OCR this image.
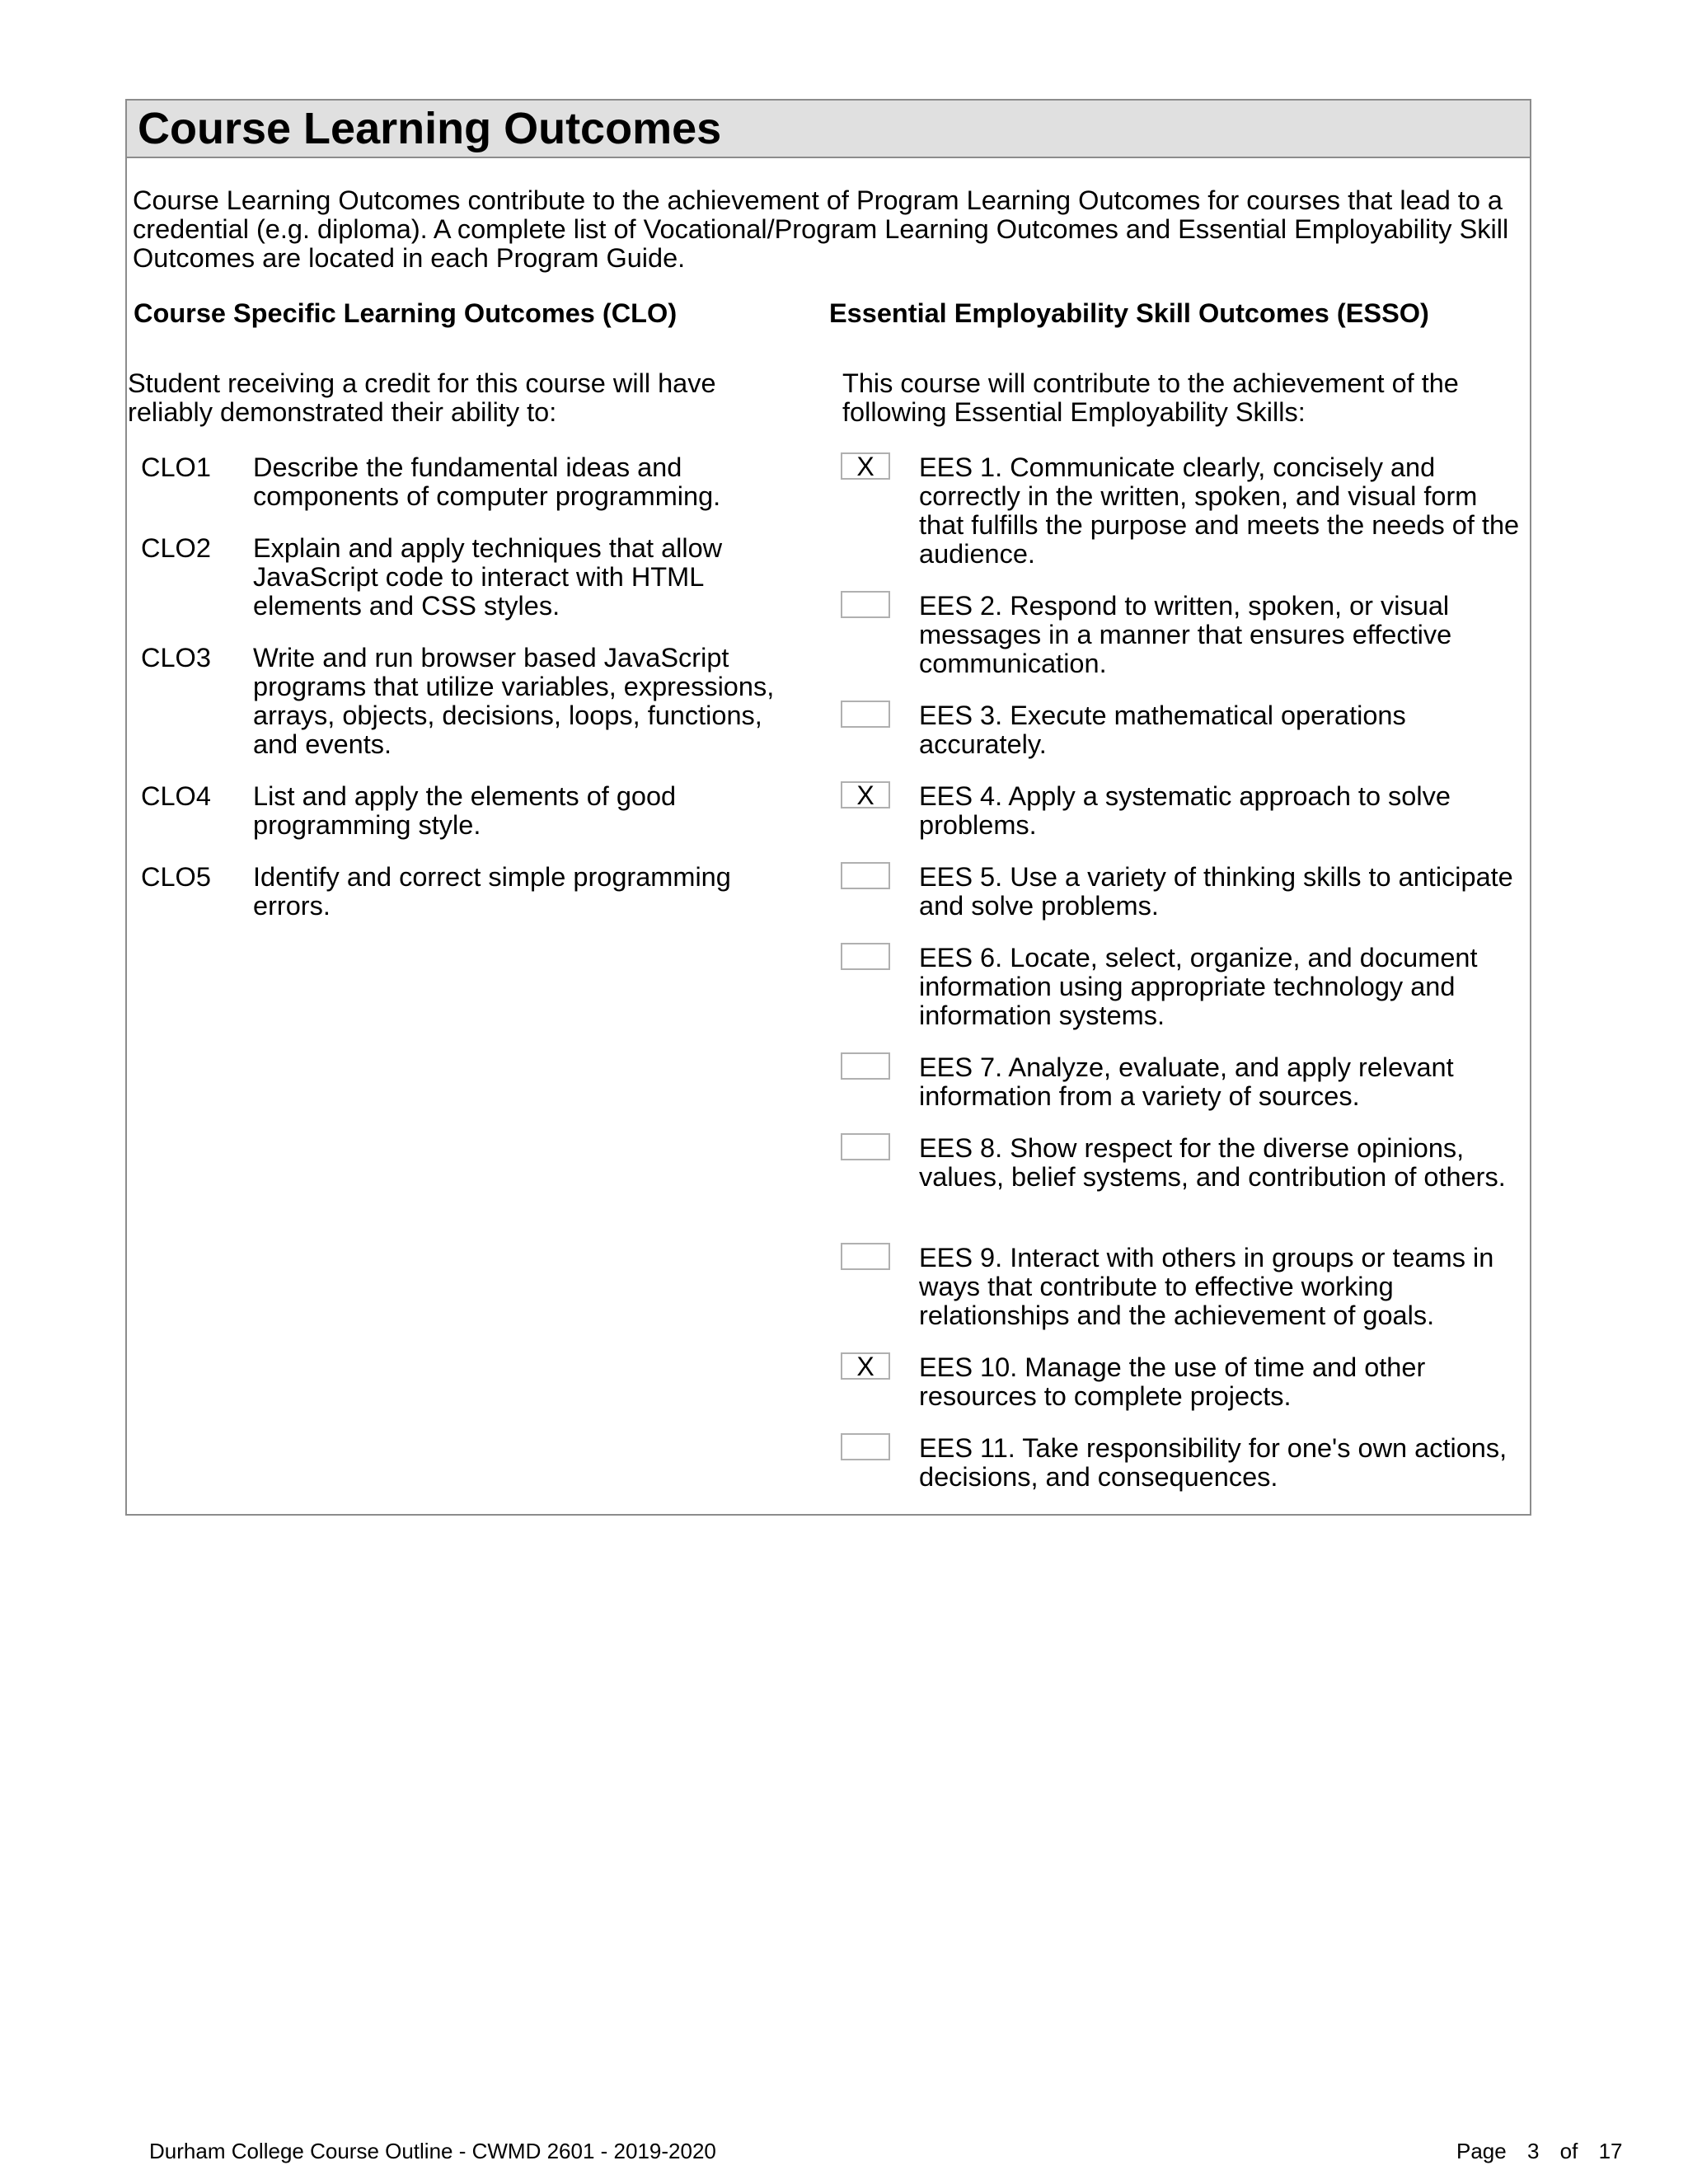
Course Learning Outcomes

Course Learning Outcomes contribute to the achievement of Program Learning Outcomes for courses that lead to a credential (e.g. diploma). A complete list of Vocational/Program Learning Outcomes and Essential Employability Skill Outcomes are located in each Program Guide.

Course Specific Learning Outcomes (CLO)	Essential Employability Skill Outcomes (ESSO)

Student receiving a credit for this course will have reliably demonstrated their ability to:

This course will contribute to the achievement of the following Essential Employability Skills:

CLO1 Describe the fundamental ideas and components of computer programming.
CLO2 Explain and apply techniques that allow JavaScript code to interact with HTML elements and CSS styles.
CLO3 Write and run browser based JavaScript programs that utilize variables, expressions, arrays, objects, decisions, loops, functions, and events.
CLO4 List and apply the elements of good programming style.
CLO5 Identify and correct simple programming errors.
X	EES 1. Communicate clearly, concisely and correctly in the written, spoken, and visual form that fulfills the purpose and meets the needs of the audience.
EES 2. Respond to written, spoken, or visual messages in a manner that ensures effective communication.
EES 3. Execute mathematical operations accurately.
X	EES 4. Apply a systematic approach to solve problems.
EES 5. Use a variety of thinking skills to anticipate and solve problems.
EES 6. Locate, select, organize, and document information using appropriate technology and information systems.
EES 7. Analyze, evaluate, and apply relevant information from a variety of sources.
EES 8. Show respect for the diverse opinions, values, belief systems, and contribution of others.
EES 9. Interact with others in groups or teams in ways that contribute to effective working relationships and the achievement of goals.
X	EES 10. Manage the use of time and other resources to complete projects.
EES 11. Take responsibility for one's own actions, decisions, and consequences.

Durham College Course Outline - CWMD 2601 - 2019-2020	Page 3 of 17
